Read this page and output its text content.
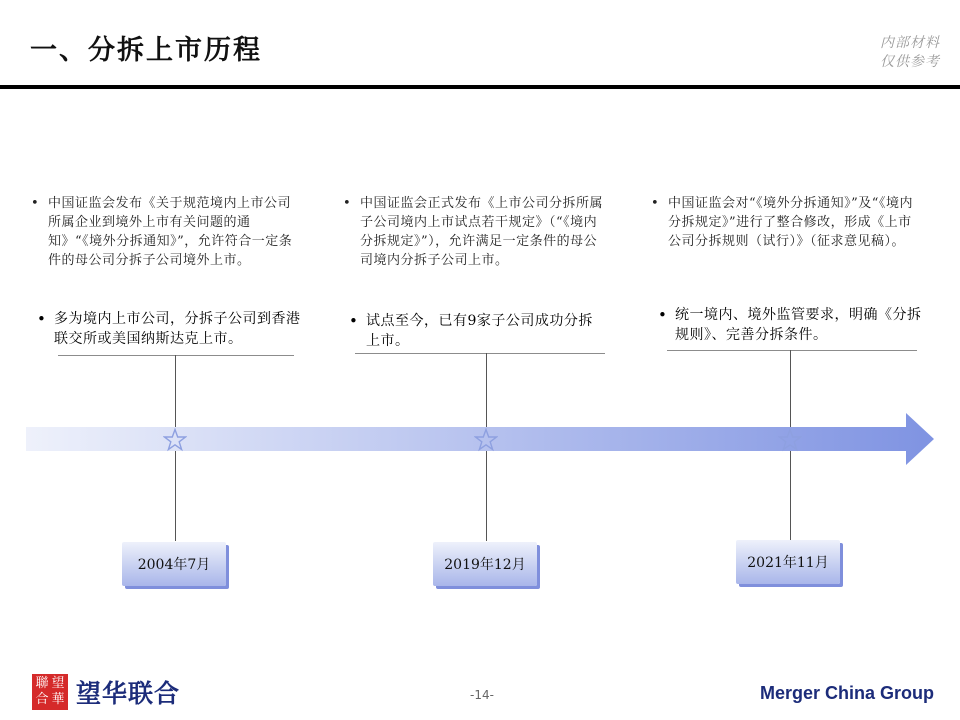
一、分拆上市历程	内部材料
仅供参考
• 中国证监会发布《关于规范境内上市公司所属企业到境外上市有关问题的通知》“《境外分拆通知》”，允许符合一定条件的母公司分拆子公司境外上市。
• 多为境内上市公司，分拆子公司到香港联交所或美国纳斯达克上市。
• 中国证监会正式发布《上市公司分拆所属子公司境内上市试点若干规定》（“《境内分拆规定》”），允许满足一定条件的母公司境内分拆子公司上市。
• 试点至今，已有9家子公司成功分拆上市。
• 中国证监会对“《境外分拆通知》”及“《境内分拆规定》”进行了整合修改，形成《上市公司分拆规则（试行）》（征求意见稿）。
• 统一境内、境外监管要求，明确《分拆规则》、完善分拆条件。
2004年7月	2019年12月	2021年11月
聯 望
合 華 望华联合	-14-	Merger China Group
